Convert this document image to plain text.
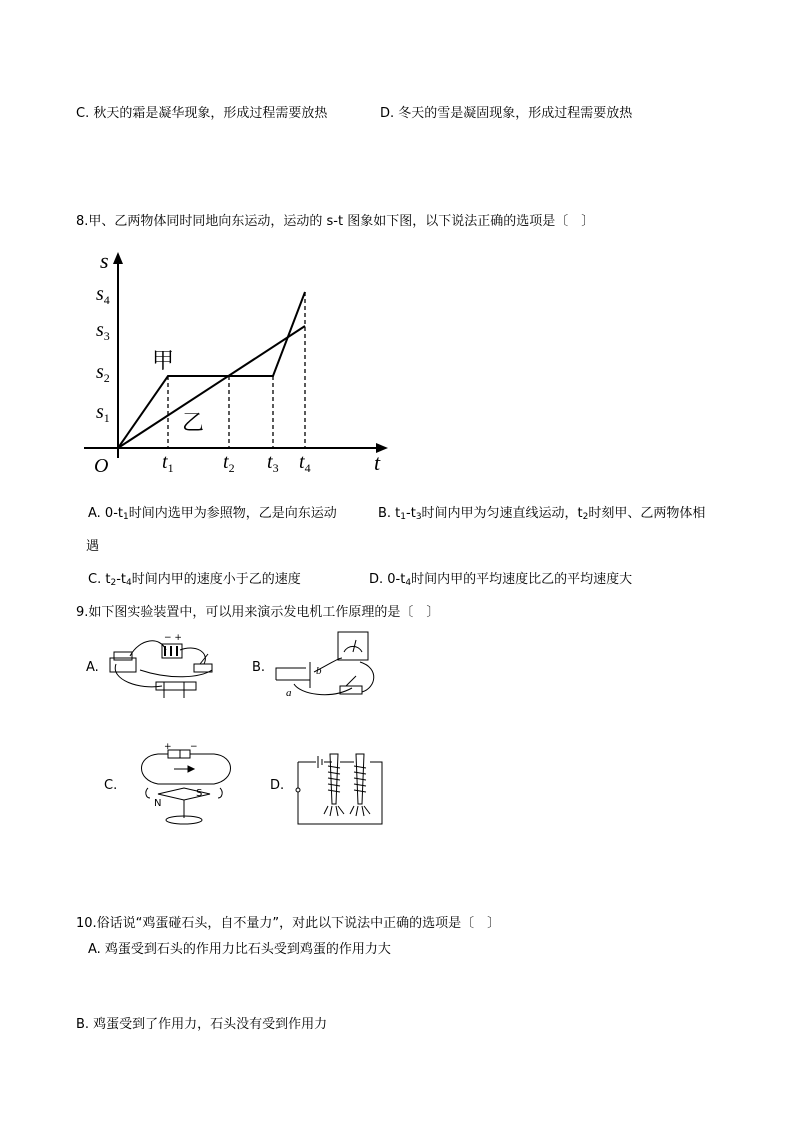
C. 秋天的霜是凝华现象，形成过程需要放热	D. 冬天的雪是凝固现象，形成过程需要放热
8.甲、乙两物体同时同地向东运动，运动的 s-t 图象如下图，以下说法正确的选项是〔　〕
s
t
O
$s_4$
$s_3$
$s_2$
$s_1$
$t_1$ $t_2$ $t_3$ $t_4$
甲
乙
A. $0-t_1$时间内选甲为参照物，乙是向东运动	B. $t_1-t_3$时间内甲为匀速直线运动，$t_2$时刻甲、乙两物体相
遇
C. $t_2-t_4$时间内甲的速度小于乙的速度	D. $0-t_4$时间内甲的平均速度比乙的平均速度大
9.如下图实验装置中，可以用来演示发电机工作原理的是〔　〕
A.
− +
B.
a
b
C.
+ −
N
S
D.
10.俗话说“鸡蛋碰石头，自不量力”，对此以下说法中正确的选项是〔　〕
A. 鸡蛋受到石头的作用力比石头受到鸡蛋的作用力大
B. 鸡蛋受到了作用力，石头没有受到作用力
